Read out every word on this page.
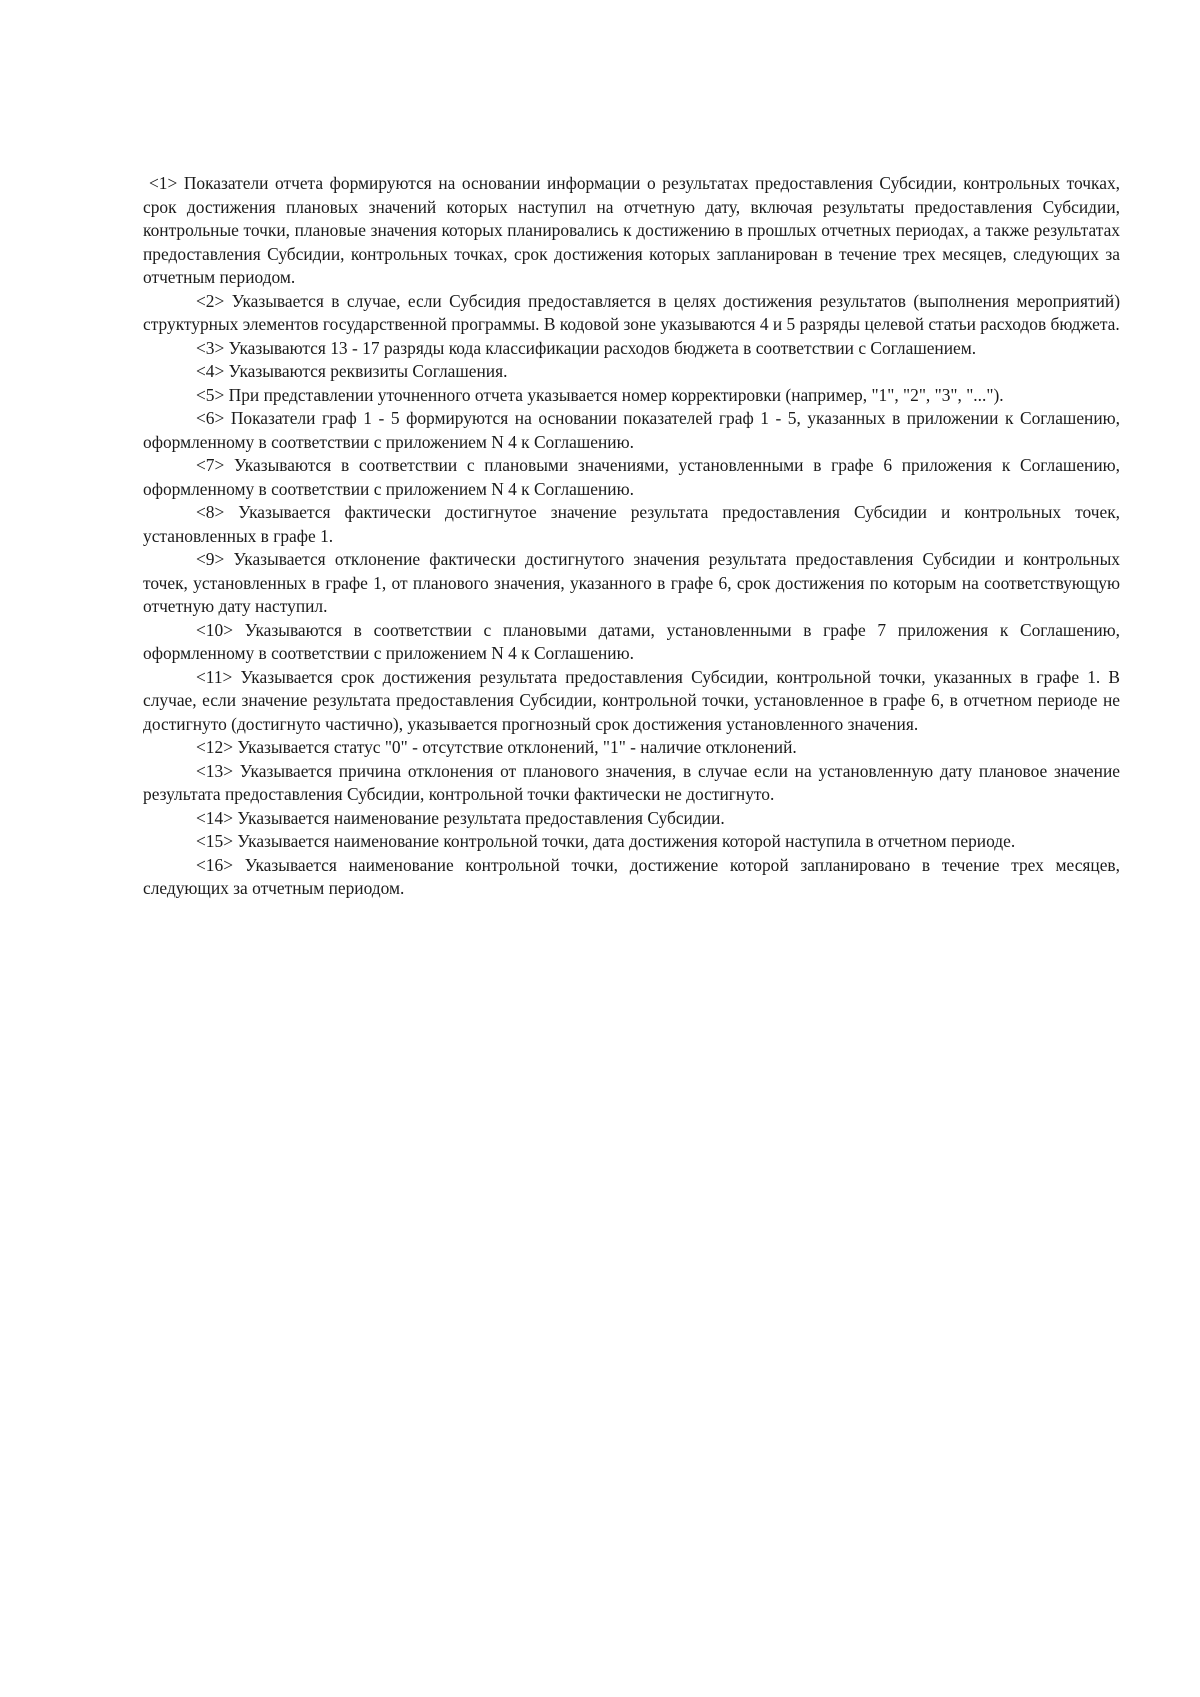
<1> Показатели отчета формируются на основании информации о результатах предоставления Субсидии, контрольных точках, срок достижения плановых значений которых наступил на отчетную дату, включая результаты предоставления Субсидии, контрольные точки, плановые значения которых планировались к достижению в прошлых отчетных периодах, а также результатах предоставления Субсидии, контрольных точках, срок достижения которых запланирован в течение трех месяцев, следующих за отчетным периодом.

<2> Указывается в случае, если Субсидия предоставляется в целях достижения результатов (выполнения мероприятий) структурных элементов государственной программы. В кодовой зоне указываются 4 и 5 разряды целевой статьи расходов бюджета.

<3> Указываются 13 - 17 разряды кода классификации расходов бюджета в соответствии с Соглашением.

<4> Указываются реквизиты Соглашения.

<5> При представлении уточненного отчета указывается номер корректировки (например, "1", "2", "3", "...").

<6> Показатели граф 1 - 5 формируются на основании показателей граф 1 - 5, указанных в приложении к Соглашению, оформленному в соответствии с приложением N 4 к Соглашению.

<7> Указываются в соответствии с плановыми значениями, установленными в графе 6 приложения к Соглашению, оформленному в соответствии с приложением N 4 к Соглашению.

<8> Указывается фактически достигнутое значение результата предоставления Субсидии и контрольных точек, установленных в графе 1.

<9> Указывается отклонение фактически достигнутого значения результата предоставления Субсидии и контрольных точек, установленных в графе 1, от планового значения, указанного в графе 6, срок достижения по которым на соответствующую отчетную дату наступил.

<10> Указываются в соответствии с плановыми датами, установленными в графе 7 приложения к Соглашению, оформленному в соответствии с приложением N 4 к Соглашению.

<11> Указывается срок достижения результата предоставления Субсидии, контрольной точки, указанных в графе 1. В случае, если значение результата предоставления Субсидии, контрольной точки, установленное в графе 6, в отчетном периоде не достигнуто (достигнуто частично), указывается прогнозный срок достижения установленного значения.

<12> Указывается статус "0" - отсутствие отклонений, "1" - наличие отклонений.

<13> Указывается причина отклонения от планового значения, в случае если на установленную дату плановое значение результата предоставления Субсидии, контрольной точки фактически не достигнуто.

<14> Указывается наименование результата предоставления Субсидии.

<15> Указывается наименование контрольной точки, дата достижения которой наступила в отчетном периоде.

<16> Указывается наименование контрольной точки, достижение которой запланировано в течение трех месяцев, следующих за отчетным периодом.
